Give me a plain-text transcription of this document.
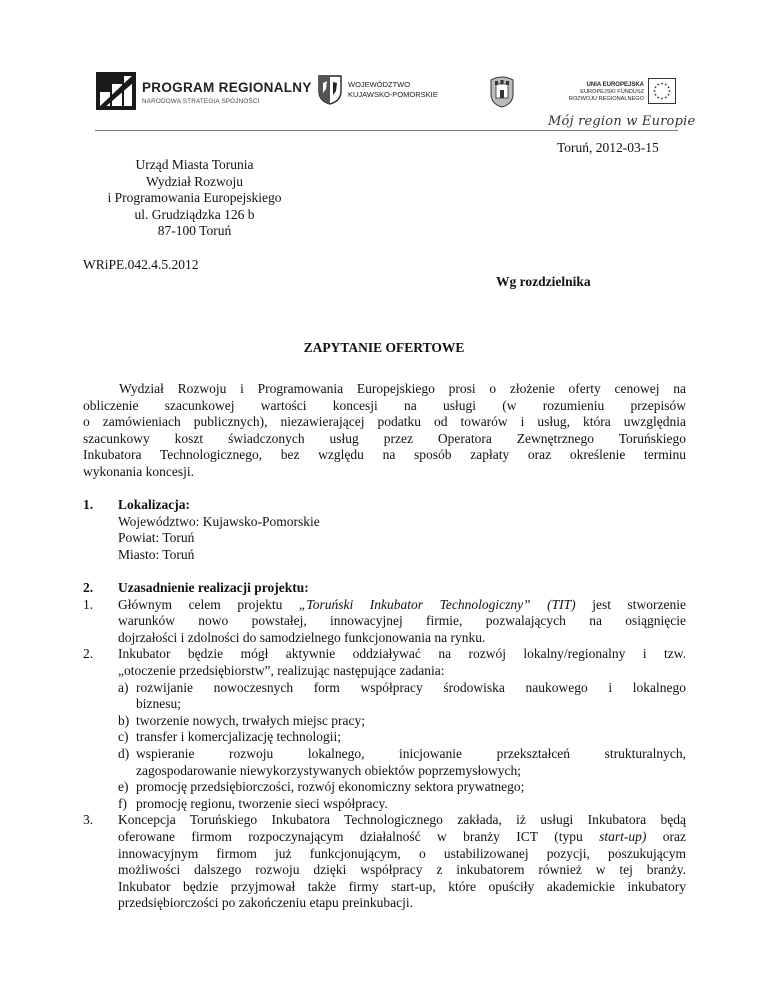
PROGRAM REGIONALNY
NARODOWA STRATEGIA SPÓJNOŚCI
WOJEWÓDZTWO
KUJAWSKO-POMORSKIE
UNIA EUROPEJSKA
EUROPEJSKI FUNDUSZ
ROZWOJU REGIONALNEGO
Mój region w Europie
Toruń, 2012-03-15
Urząd Miasta Torunia
Wydział Rozwoju
i Programowania Europejskiego
ul. Grudziądzka 126 b
87-100 Toruń
WRiPE.042.4.5.2012
Wg rozdzielnika
ZAPYTANIE OFERTOWE
Wydział Rozwoju i Programowania Europejskiego prosi o złożenie oferty cenowej na
obliczenie szacunkowej wartości koncesji na usługi (w rozumieniu przepisów
o zamówieniach publicznych), niezawierającej podatku od towarów i usług, która uwzględnia
szacunkowy koszt świadczonych usług przez Operatora Zewnętrznego Toruńskiego
Inkubatora Technologicznego, bez względu na sposób zapłaty oraz określenie terminu
wykonania koncesji.
1. Lokalizacja:
Województwo: Kujawsko-Pomorskie
Powiat: Toruń
Miasto: Toruń
2. Uzasadnienie realizacji projektu:
1. Głównym celem projektu „Toruński Inkubator Technologiczny” (TIT) jest stworzenie
warunków nowo powstałej, innowacyjnej firmie, pozwalających na osiągnięcie
dojrzałości i zdolności do samodzielnego funkcjonowania na rynku.
2. Inkubator będzie mógł aktywnie oddziaływać na rozwój lokalny/regionalny i tzw.
„otoczenie przedsiębiorstw”, realizując następujące zadania:
a) rozwijanie nowoczesnych form współpracy środowiska naukowego i lokalnego
biznesu;
b) tworzenie nowych, trwałych miejsc pracy;
c) transfer i komercjalizację technologii;
d) wspieranie rozwoju lokalnego, inicjowanie przekształceń strukturalnych,
zagospodarowanie niewykorzystywanych obiektów poprzemysłowych;
e) promocję przedsiębiorczości, rozwój ekonomiczny sektora prywatnego;
f) promocję regionu, tworzenie sieci współpracy.
3. Koncepcja Toruńskiego Inkubatora Technologicznego zakłada, iż usługi Inkubatora będą
oferowane firmom rozpoczynającym działalność w branży ICT (typu start-up) oraz
innowacyjnym firmom już funkcjonującym, o ustabilizowanej pozycji, poszukującym
możliwości dalszego rozwoju dzięki współpracy z inkubatorem również w tej branży.
Inkubator będzie przyjmował także firmy start-up, które opuściły akademickie inkubatory
przedsiębiorczości po zakończeniu etapu preinkubacji.
